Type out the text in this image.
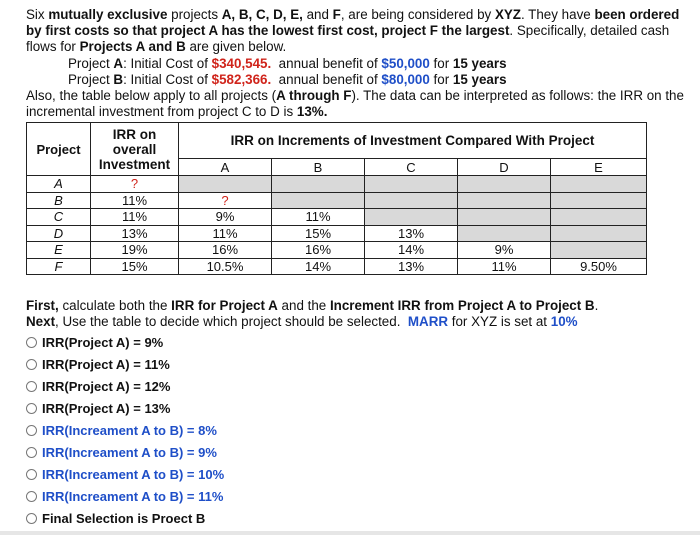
Six mutually exclusive projects A, B, C, D, E, and F, are being considered by XYZ. They have been ordered by first costs so that project A has the lowest first cost, project F the largest. Specifically, detailed cash flows for Projects A and B are given below.

Project A: Initial Cost of $340,545.  annual benefit of $50,000 for 15 years

Project B: Initial Cost of $582,366.  annual benefit of $80,000 for 15 years

Also, the table below apply to all projects (A through F). The data can be interpreted as follows: the IRR on the incremental investment from project C to D is 13%.

Project	IRR on overall Investment	IRR on Increments of Investment Compared With Project				
		A	B	C	D	E
A	?					
B	11%	?				
C	11%	9%	11%			
D	13%	11%	15%	13%		
E	19%	16%	16%	14%	9%	
F	15%	10.5%	14%	13%	11%	9.50%

First, calculate both the IRR for Project A and the Increment IRR from Project A to Project B.

Next, Use the table to decide which project should be selected.  MARR for XYZ is set at 10%

IRR(Project A) = 9%
IRR(Project A) = 11%
IRR(Project A) = 12%
IRR(Project A) = 13%
IRR(Increament A to B) = 8%
IRR(Increament A to B) = 9%
IRR(Increament A to B) = 10%
IRR(Increament A to B) = 11%
Final Selection is Proect B
